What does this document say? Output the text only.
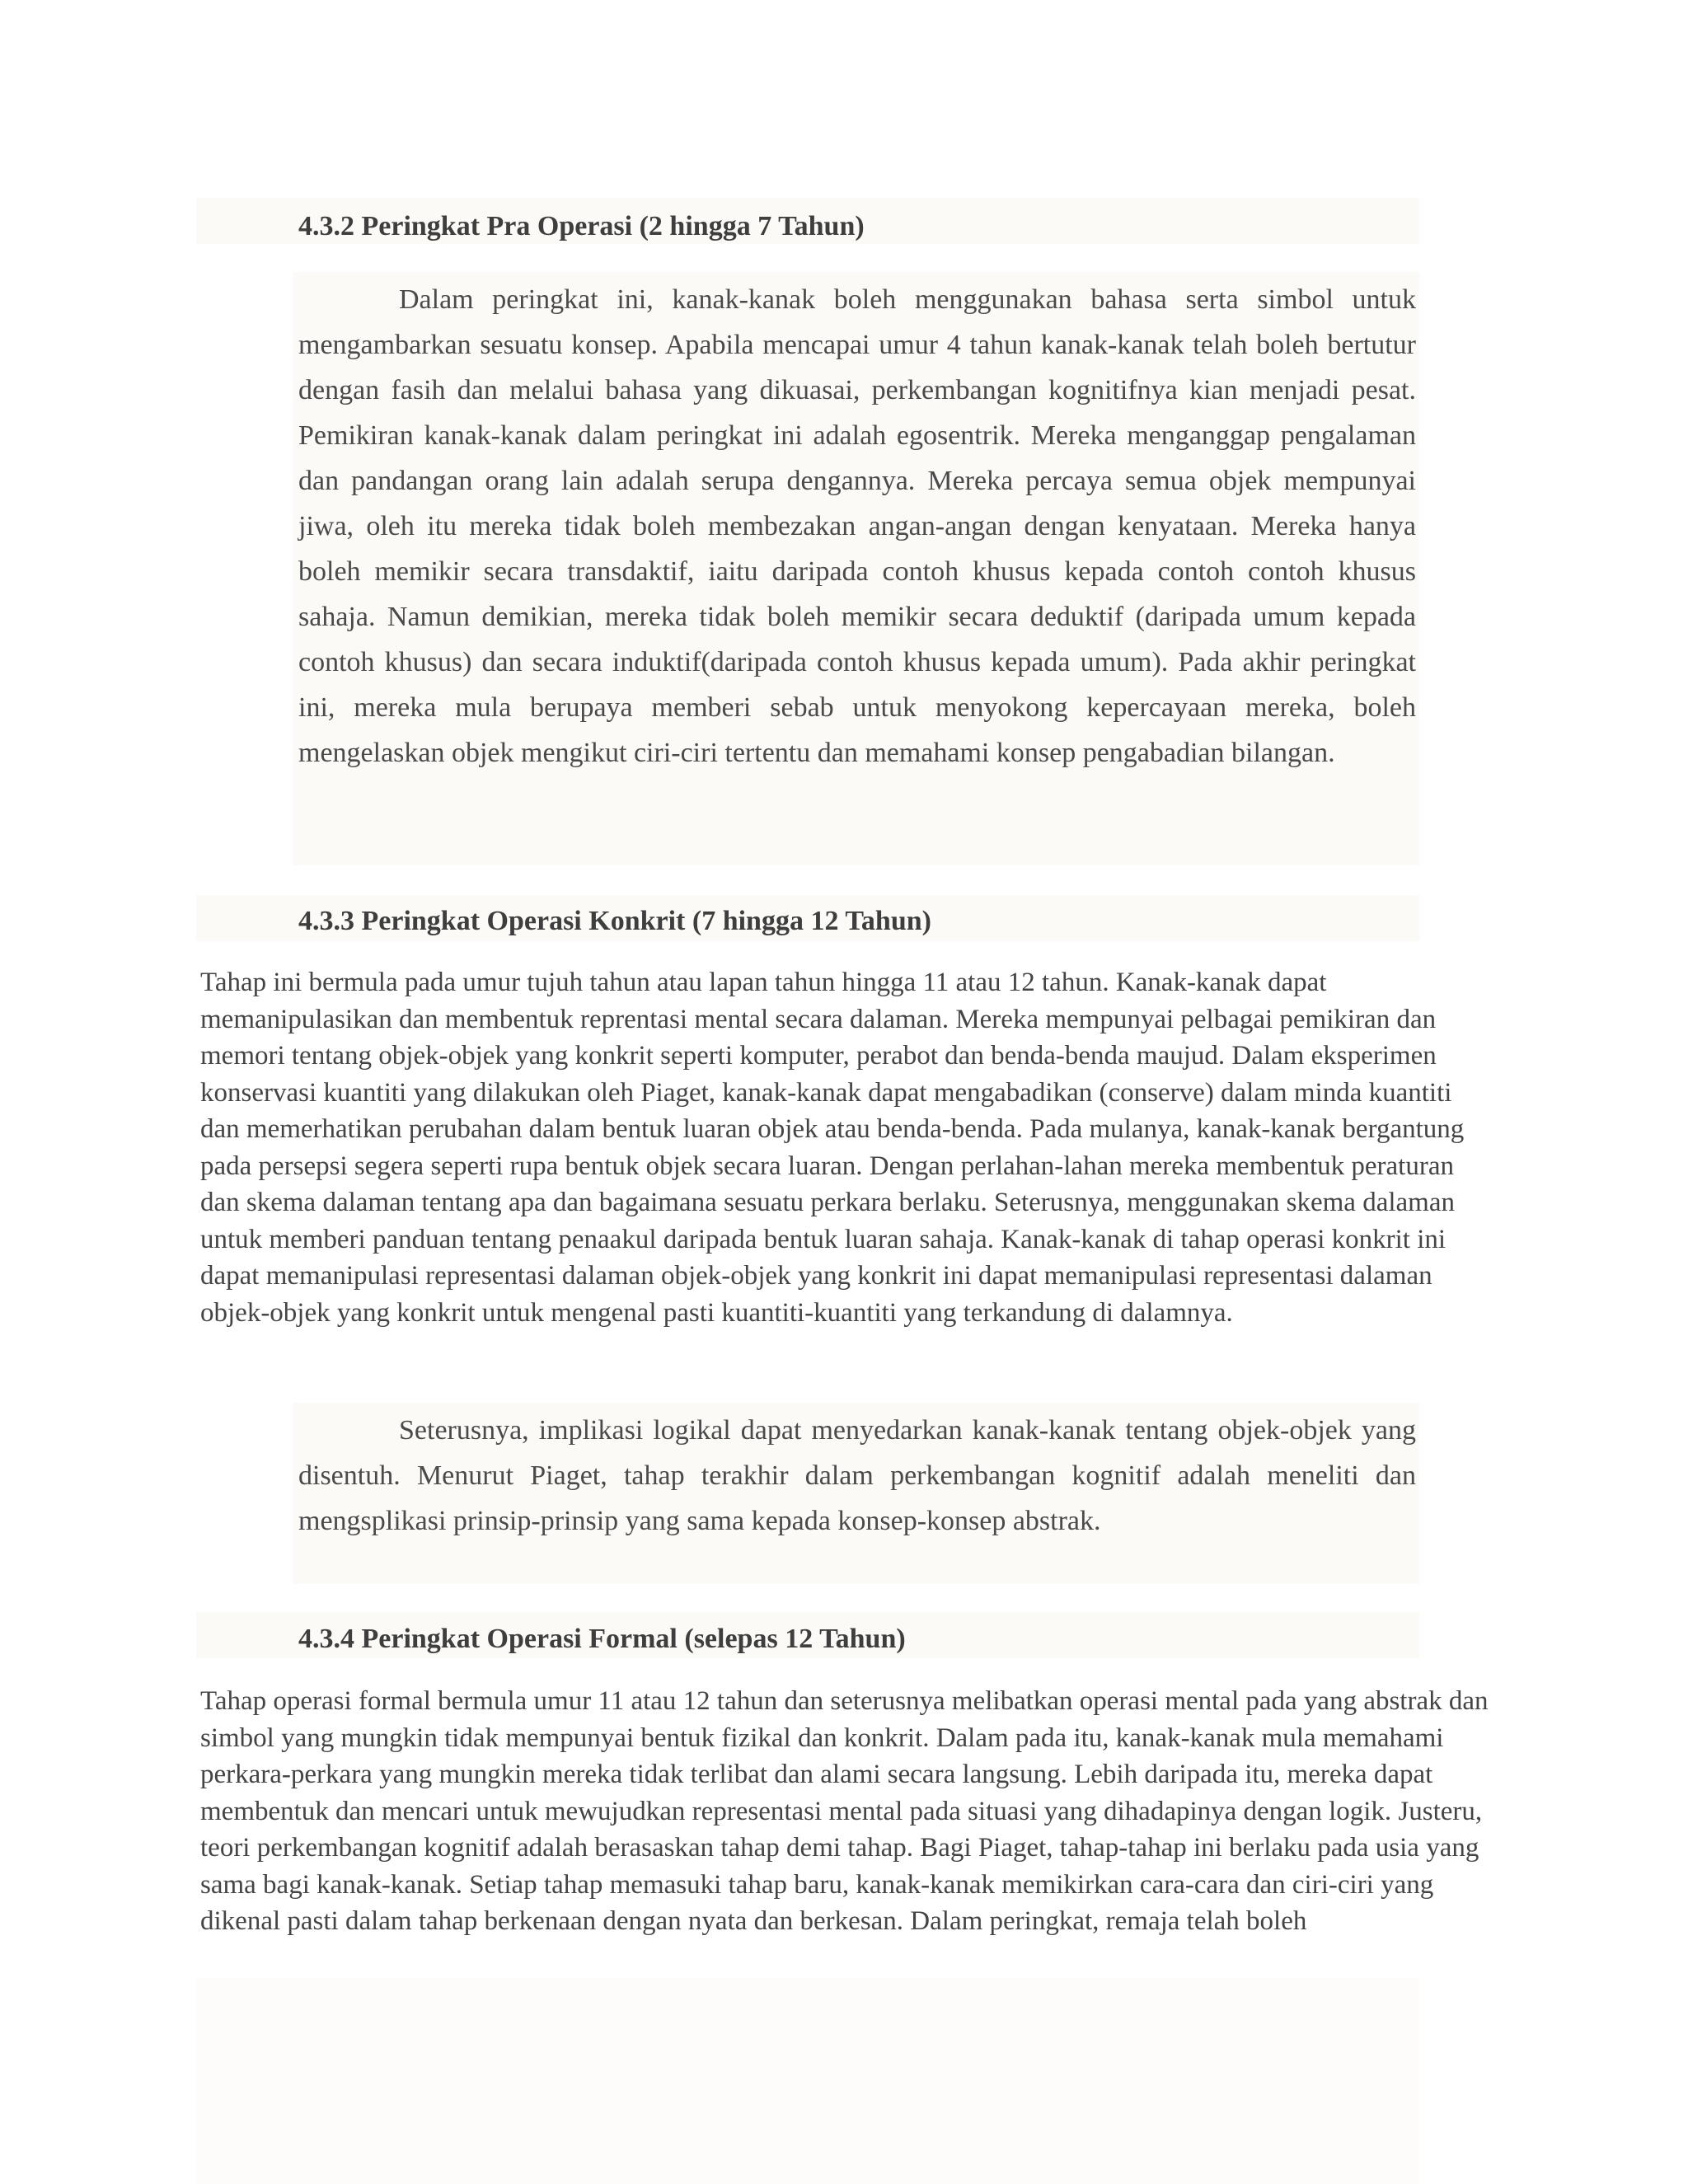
4.3.2 Peringkat Pra Operasi (2 hingga 7 Tahun)

Dalam peringkat ini, kanak-kanak boleh menggunakan bahasa serta simbol untuk mengambarkan sesuatu konsep. Apabila mencapai umur 4 tahun kanak-kanak telah boleh bertutur dengan fasih dan melalui bahasa yang dikuasai, perkembangan kognitifnya kian menjadi pesat. Pemikiran kanak-kanak dalam peringkat ini adalah egosentrik. Mereka menganggap pengalaman dan pandangan orang lain adalah serupa dengannya. Mereka percaya semua objek mempunyai jiwa, oleh itu mereka tidak boleh membezakan angan-angan dengan kenyataan. Mereka hanya boleh memikir secara transdaktif, iaitu daripada contoh khusus kepada contoh contoh khusus sahaja. Namun demikian, mereka tidak boleh memikir secara deduktif (daripada umum kepada contoh khusus) dan secara induktif(daripada contoh khusus kepada umum). Pada akhir peringkat ini, mereka mula berupaya memberi sebab untuk menyokong kepercayaan mereka, boleh mengelaskan objek mengikut ciri-ciri tertentu dan memahami konsep pengabadian bilangan.

4.3.3 Peringkat Operasi Konkrit (7 hingga 12 Tahun)

Tahap ini bermula pada umur tujuh tahun atau lapan tahun hingga 11 atau 12 tahun. Kanak-kanak dapat memanipulasikan dan membentuk reprentasi mental secara dalaman. Mereka mempunyai pelbagai pemikiran dan memori tentang objek-objek yang konkrit seperti komputer, perabot dan benda-benda maujud. Dalam eksperimen konservasi kuantiti yang dilakukan oleh Piaget, kanak-kanak dapat mengabadikan (conserve) dalam minda kuantiti dan memerhatikan perubahan dalam bentuk luaran objek atau benda-benda. Pada mulanya, kanak-kanak bergantung pada persepsi segera seperti rupa bentuk objek secara luaran. Dengan perlahan-lahan mereka membentuk peraturan dan skema dalaman tentang apa dan bagaimana sesuatu perkara berlaku. Seterusnya, menggunakan skema dalaman untuk memberi panduan tentang penaakul daripada bentuk luaran sahaja. Kanak-kanak di tahap operasi konkrit ini dapat memanipulasi representasi dalaman objek-objek yang konkrit ini dapat memanipulasi representasi dalaman objek-objek yang konkrit untuk mengenal pasti kuantiti-kuantiti yang terkandung di dalamnya.

Seterusnya, implikasi logikal dapat menyedarkan kanak-kanak tentang objek-objek yang disentuh. Menurut Piaget, tahap terakhir dalam perkembangan kognitif adalah meneliti dan mengsplikasi prinsip-prinsip yang sama kepada konsep-konsep abstrak.

4.3.4 Peringkat Operasi Formal (selepas 12 Tahun)

Tahap operasi formal bermula umur 11 atau 12 tahun dan seterusnya melibatkan operasi mental pada yang abstrak dan simbol yang mungkin tidak mempunyai bentuk fizikal dan konkrit. Dalam pada itu, kanak-kanak mula memahami perkara-perkara yang mungkin mereka tidak terlibat dan alami secara langsung. Lebih daripada itu, mereka dapat membentuk dan mencari untuk mewujudkan representasi mental pada situasi yang dihadapinya dengan logik. Justeru, teori perkembangan kognitif adalah berasaskan tahap demi tahap. Bagi Piaget, tahap-tahap ini berlaku pada usia yang sama bagi kanak-kanak. Setiap tahap memasuki tahap baru, kanak-kanak memikirkan cara-cara dan ciri-ciri yang dikenal pasti dalam tahap berkenaan dengan nyata dan berkesan. Dalam peringkat, remaja telah boleh
